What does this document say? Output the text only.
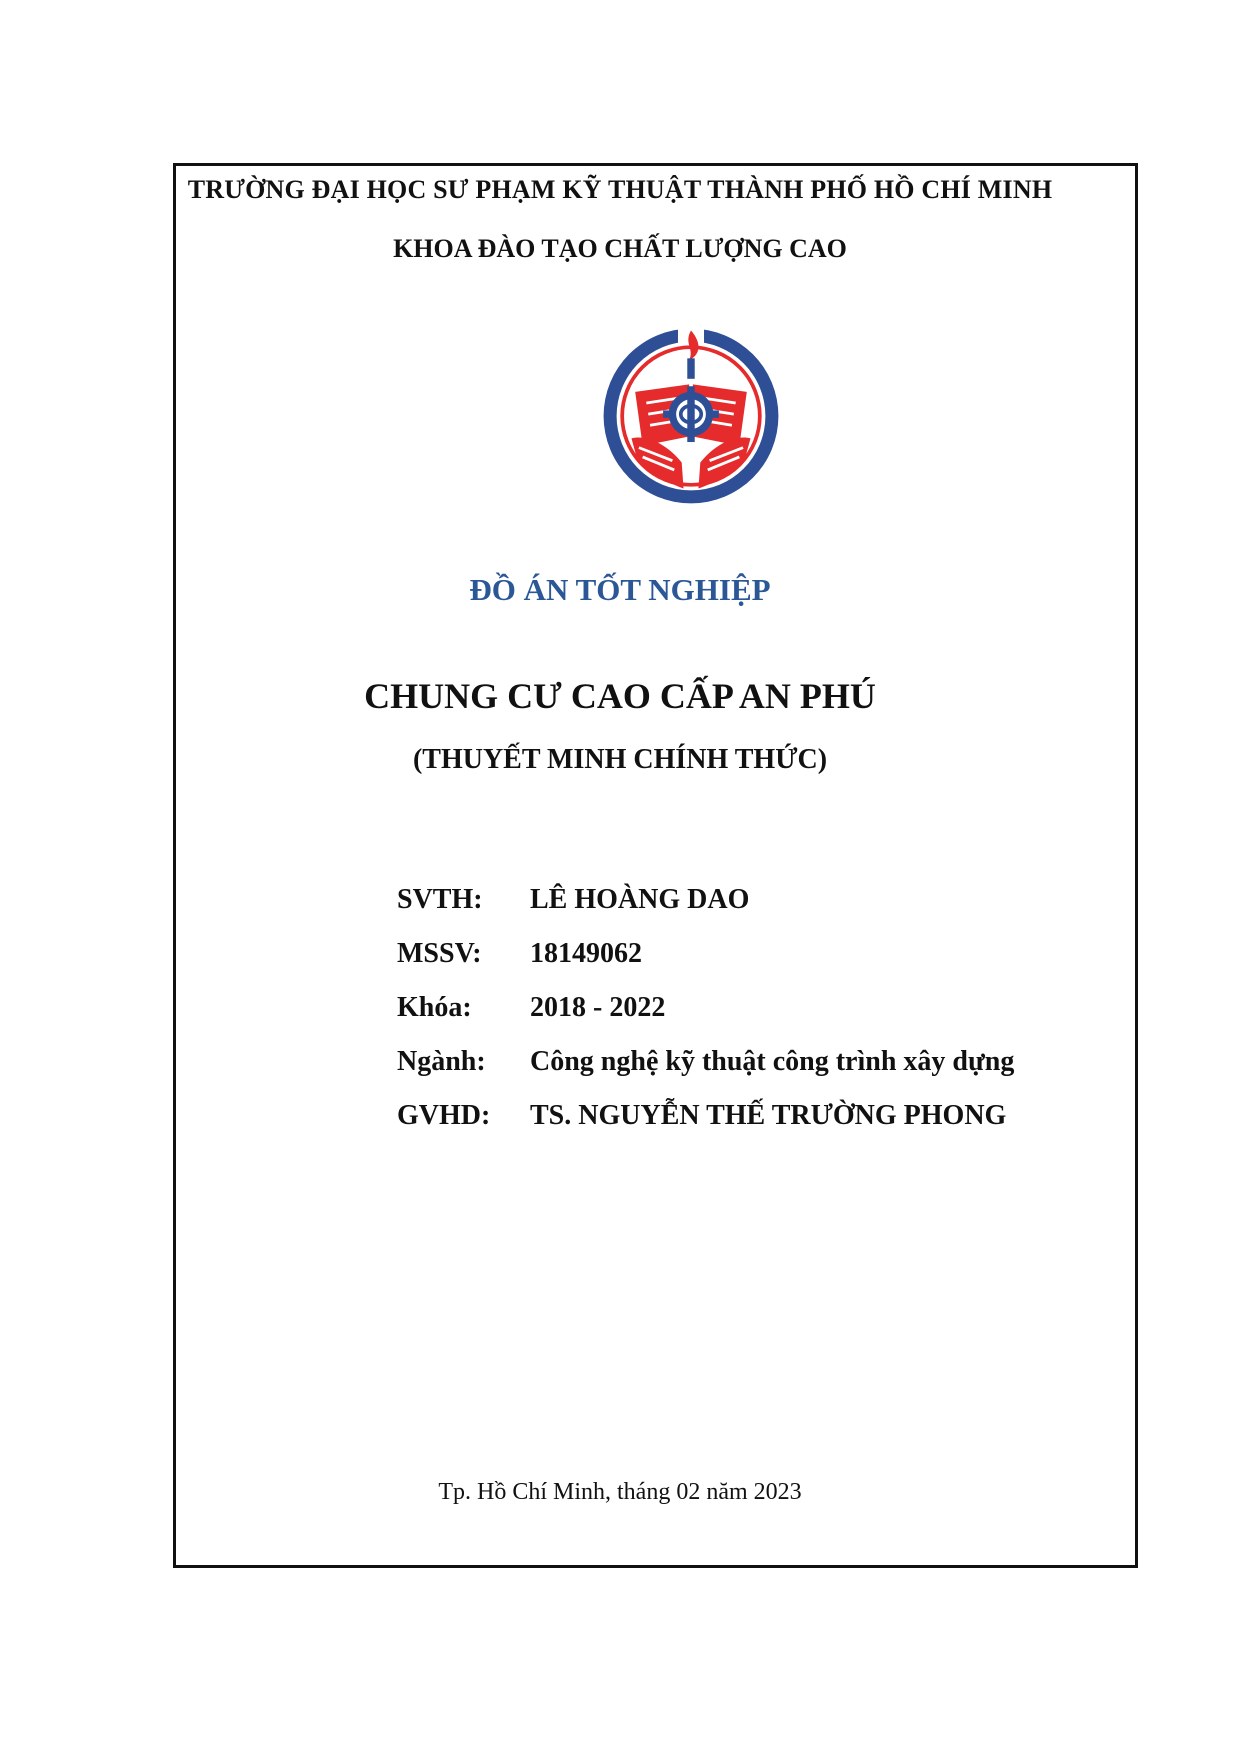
TRƯỜNG ĐẠI HỌC SƯ PHẠM KỸ THUẬT THÀNH PHỐ HỒ CHÍ MINH
KHOA ĐÀO TẠO CHẤT LƯỢNG CAO
ĐỒ ÁN TỐT NGHIỆP
CHUNG CƯ CAO CẤP AN PHÚ
(THUYẾT MINH CHÍNH THỨC)
SVTH:	LÊ HOÀNG DAO
MSSV:	18149062
Khóa:	2018 - 2022
Ngành:	Công nghệ kỹ thuật công trình xây dựng
GVHD:	TS. NGUYỄN THẾ TRƯỜNG PHONG
Tp. Hồ Chí Minh, tháng 02 năm 2023
